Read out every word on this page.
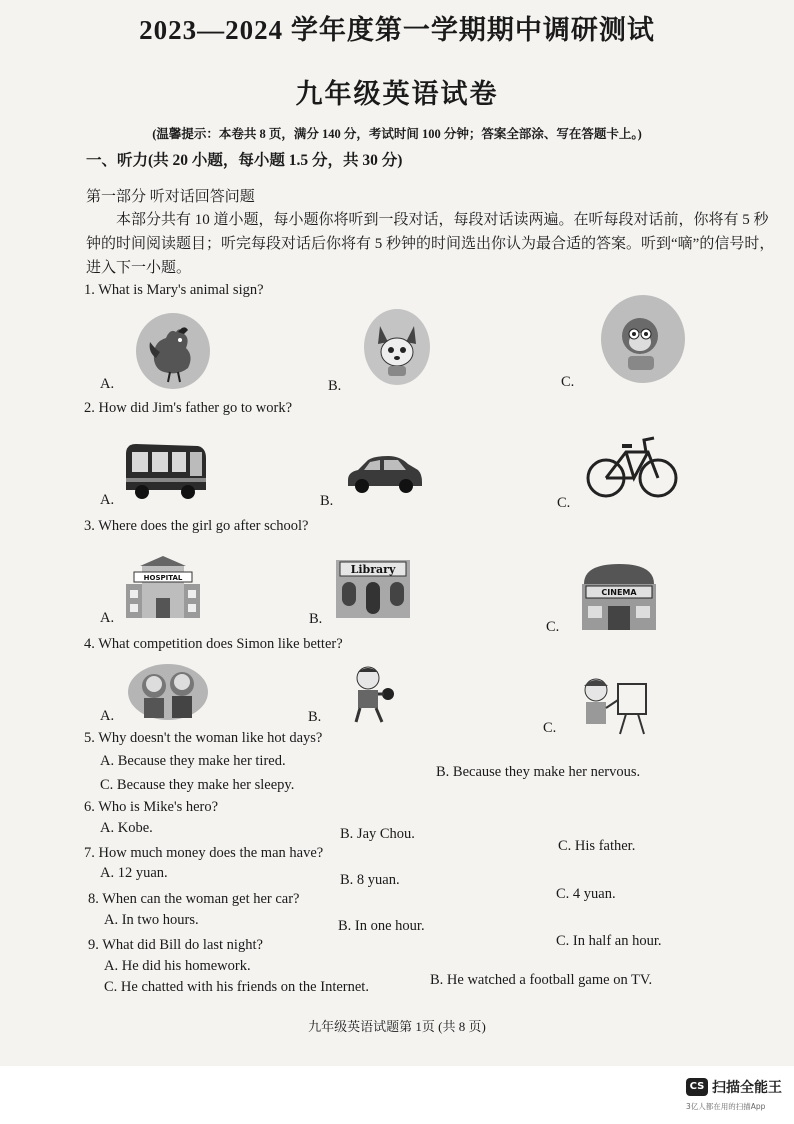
2023—2024 学年度第一学期期中调研测试
九年级英语试卷
(温馨提示：本卷共 8 页，满分 140 分，考试时间 100 分钟；答案全部涂、写在答题卡上。)
一、听力(共 20 小题，每小题 1.5 分，共 30 分)
第一部分 听对话回答问题
本部分共有 10 道小题，每小题你将听到一段对话，每段对话读两遍。在听每段对话前，你将有 5 秒钟的时间阅读题目；听完每段对话后你将有 5 秒钟的时间选出你认为最合适的答案。听到“嘀”的信号时，进入下一小题。
1. What is Mary's animal sign?
A.	B.	C.
2. How did Jim's father go to work?
A.	B.	C.
3. Where does the girl go after school?
A.
HOSPITAL
B.
Library
C.
CINEMA
4. What competition does Simon like better?
A.	B.
C.
5. Why doesn't the woman like hot days?
A. Because they make her tired.
B. Because they make her nervous.
C. Because they make her sleepy.
6. Who is Mike's hero?
A. Kobe.	B. Jay Chou.
C. His father.
7. How much money does the man have?
A. 12 yuan.	B. 8 yuan.
C. 4 yuan.
8. When can the woman get her car?
A. In two hours.	B. In one hour.
C. In half an hour.
9. What did Bill do last night?
A. He did his homework.
B. He watched a football game on TV.
C. He chatted with his friends on the Internet.
九年级英语试题第 1页 (共 8 页)
CS 扫描全能王
3亿人都在用的扫描App
